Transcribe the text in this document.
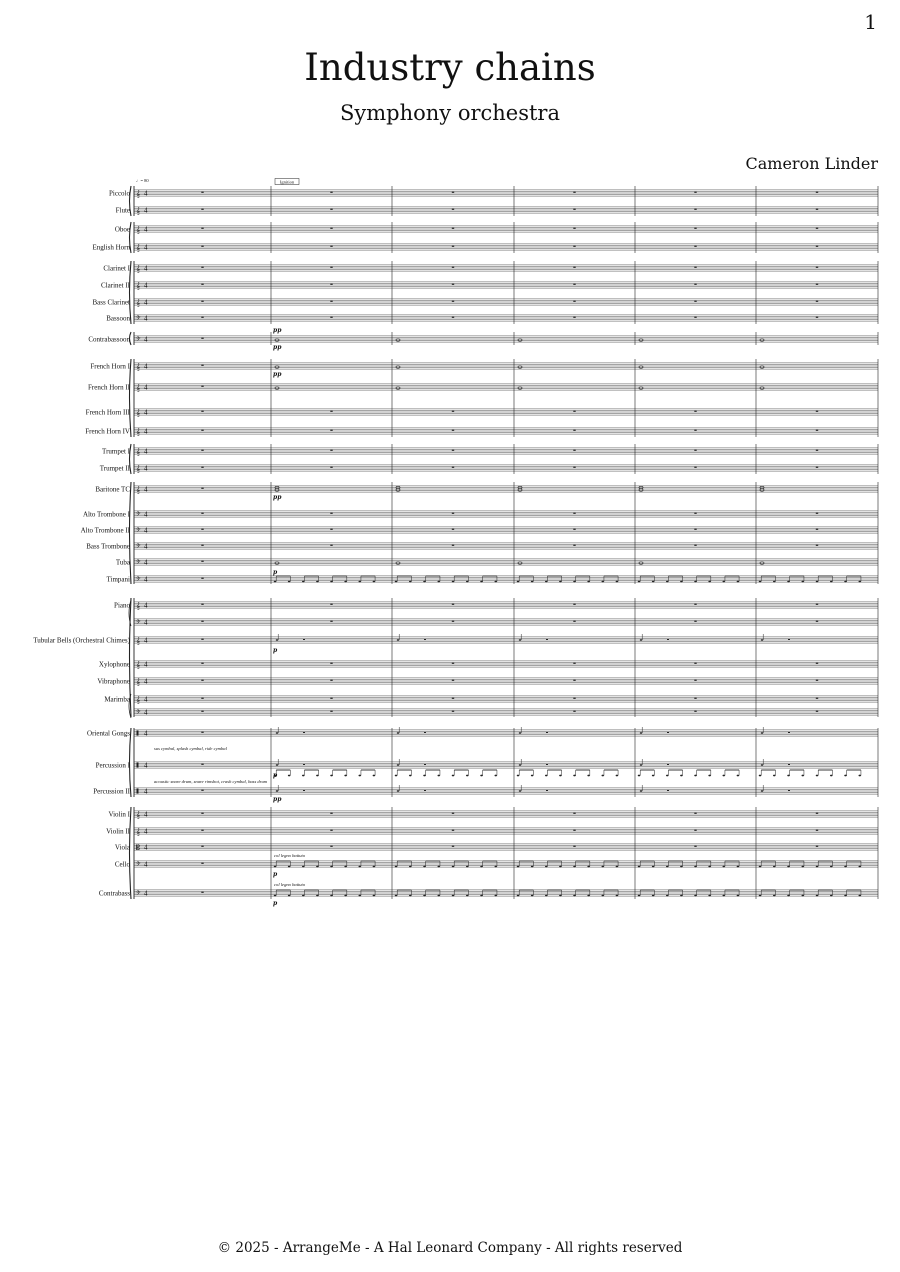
1
Industry chains
Symphony orchestra
Cameron Linder
𝄞 4
Piccolo
𝄞 4
Flute
𝄞 4
Oboe
𝄞 4
English Horn
𝄞 4
Clarinet I
𝄞 4
Clarinet II
𝄞 4
Bass Clarinet
𝄢 4
Bassoon
𝄢 4
Contrabassoon
𝄞 4
French Horn I
𝄞 4
French Horn II
𝄞 4
French Horn III
𝄞 4
French Horn IV
𝄞 4
Trumpet I
𝄞 4
Trumpet II
𝄞 4
Baritone TC
𝄢 4
Alto Trombone I
𝄢 4
Alto Trombone II
𝄢 4
Bass Trombone
𝄢 4
Tuba
𝄢 4
Timpani
𝄞 4
Piano
𝄞 4
Tubular Bells (Orchestral Chimes)
𝄞 4
Xylophone
𝄞 4
Vibraphone
𝄞 4
Marimba
4
Oriental Gongs
4
Percussion I
4
Percussion II
𝄞 4
Violin I
𝄞 4
Violin II
𝄡 4
Viola
𝄢 4
Cello
𝄢 4
Contrabass
𝄢 4
𝄢 4
pp
pp
pp
pp
p
p
p
p
p
pp
♩= 80	Ignition
sus cymbal, splash cymbal, ride cymbal
acoustic snare drum, snare rimshot, crash cymbal, bass drum
col legno battuto
col legno battuto
© 2025 - ArrangeMe - A Hal Leonard Company - All rights reserved
